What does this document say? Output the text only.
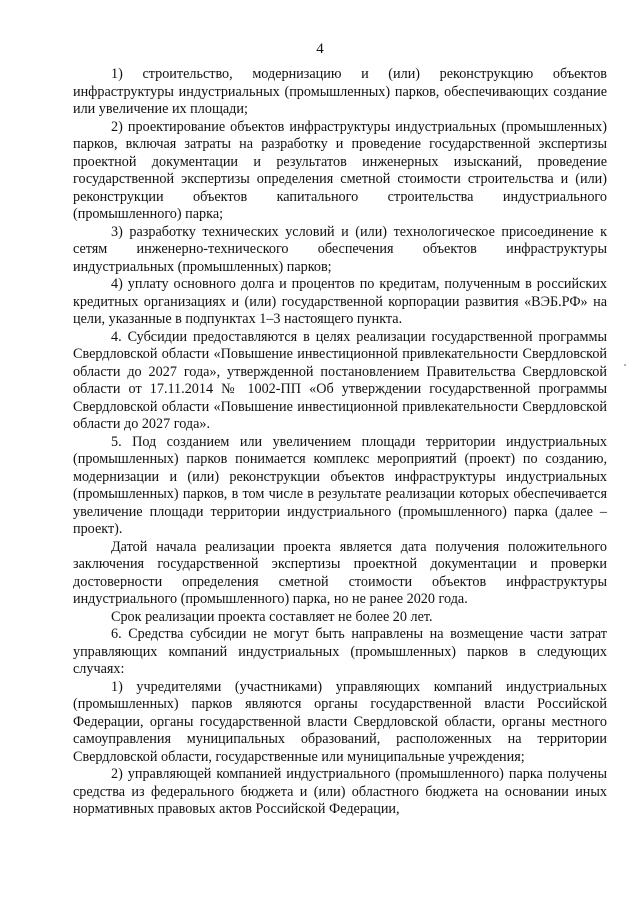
4

1) строительство, модернизацию и (или) реконструкцию объектов инфраструктуры индустриальных (промышленных) парков, обеспечивающих создание или увеличение их площади;

2) проектирование объектов инфраструктуры индустриальных (промышленных) парков, включая затраты на разработку и проведение государственной экспертизы проектной документации и результатов инженерных изысканий, проведение государственной экспертизы определения сметной стоимости строительства и (или) реконструкции объектов капитального строительства индустриального (промышленного) парка;

3) разработку технических условий и (или) технологическое присоединение к сетям инженерно-технического обеспечения объектов инфраструктуры индустриальных (промышленных) парков;

4) уплату основного долга и процентов по кредитам, полученным в российских кредитных организациях и (или) государственной корпорации развития «ВЭБ.РФ» на цели, указанные в подпунктах 1–3 настоящего пункта.

4. Субсидии предоставляются в целях реализации государственной программы Свердловской области «Повышение инвестиционной привлекательности Свердловской области до 2027 года», утвержденной постановлением Правительства Свердловской области от 17.11.2014 № 1002-ПП «Об утверждении государственной программы Свердловской области «Повышение инвестиционной привлекательности Свердловской области до 2027 года».

5. Под созданием или увеличением площади территории индустриальных (промышленных) парков понимается комплекс мероприятий (проект) по созданию, модернизации и (или) реконструкции объектов инфраструктуры индустриальных (промышленных) парков, в том числе в результате реализации которых обеспечивается увеличение площади территории индустриального (промышленного) парка (далее – проект).

Датой начала реализации проекта является дата получения положительного заключения государственной экспертизы проектной документации и проверки достоверности определения сметной стоимости объектов инфраструктуры индустриального (промышленного) парка, но не ранее 2020 года.

Срок реализации проекта составляет не более 20 лет.

6. Средства субсидии не могут быть направлены на возмещение части затрат управляющих компаний индустриальных (промышленных) парков в следующих случаях:

1) учредителями (участниками) управляющих компаний индустриальных (промышленных) парков являются органы государственной власти Российской Федерации, органы государственной власти Свердловской области, органы местного самоуправления муниципальных образований, расположенных на территории Свердловской области, государственные или муниципальные учреждения;

2) управляющей компанией индустриального (промышленного) парка получены средства из федерального бюджета и (или) областного бюджета на основании иных нормативных правовых актов Российской Федерации,
